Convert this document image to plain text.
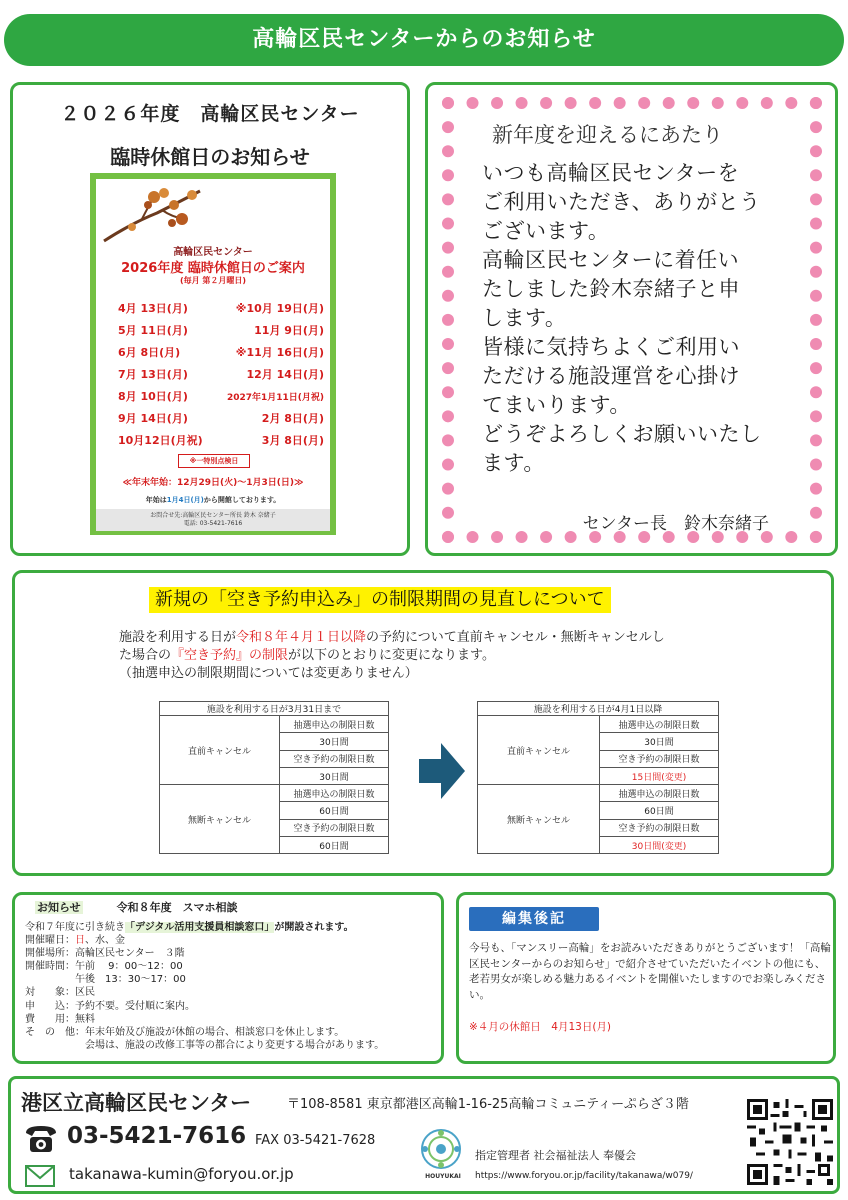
高輪区民センターからのお知らせ
２０２６年度　高輪区民センター
臨時休館日のお知らせ
高輪区民センター
2026年度 臨時休館日のご案内
(毎月 第２月曜日)
4月 13日(月)	※10月 19日(月)
5月 11日(月)	11月 9日(月)
6月 8日(月)	※11月 16日(月)
7月 13日(月)	12月 14日(月)
8月 10日(月)	2027年1月11日(月祝)
9月 14日(月)	2月 8日(月)
10月12日(月祝)	3月 8日(月)
※一特別点検日
≪年末年始：12月29日(火)～1月3日(日)≫
年始は1月4日(月)から開館しております。
お問合せ先:高輪区民センター所長 鈴木 奈緒子
電話: 03-5421-7616
新年度を迎えるにあたり
いつも高輪区民センターを
ご利用いただき、ありがとう
ございます。
高輪区民センターに着任い
たしました鈴木奈緒子と申
します。
皆様に気持ちよくご利用い
ただける施設運営を心掛け
てまいります。
どうぞよろしくお願いいたし
ます。
センター長　鈴木奈緒子
新規の「空き予約申込み」の制限期間の見直しについて
施設を利用する日が令和８年４月１日以降の予約について直前キャンセル・無断キャンセルし
た場合の『空き予約』の制限が以下のとおりに変更になります。
（抽選申込の制限期間については変更ありません）
施設を利用する日が3月31日まで	
直前キャンセル	抽選申込の制限日数
	30日間
	空き予約の制限日数
	30日間
無断キャンセル	抽選申込の制限日数
	60日間
	空き予約の制限日数
	60日間
施設を利用する日が4月1日以降	
直前キャンセル	抽選申込の制限日数
	30日間
	空き予約の制限日数
	15日間(変更)
無断キャンセル	抽選申込の制限日数
	60日間
	空き予約の制限日数
	30日間(変更)
お知らせ	令和８年度　スマホ相談
令和７年度に引き続き「デジタル活用支援員相談窓口」が開設されます。
開催曜日：日、水、金
開催場所：高輪区民センター　３階
開催時間：午前　 9：00～12：00
　　　　　午後　13：30～17：00
対　　象：区民
申　　込：予約不要。受付順に案内。
費　　用：無料
そ　の　他：年末年始及び施設が休館の場合、相談窓口を休止します。
　　　　　　会場は、施設の改修工事等の都合により変更する場合があります。
編集後記
今号も、「マンスリー高輪」をお読みいただきありがとうございます！「高輪区民センターからのお知らせ」で紹介させていただいたイベントの他にも、老若男女が楽しめる魅力あるイベントを開催いたしますのでお楽しみください。
※４月の休館日　4月13日(月)
港区立高輪区民センター	〒108-8581 東京都港区高輪1-16-25高輪コミュニティーぷらざ３階
03-5421-7616 FAX 03-5421-7628
takanawa-kumin@foryou.or.jp	HOUYUKAI
指定管理者 社会福祉法人 奉優会
https://www.foryou.or.jp/facility/takanawa/w079/
